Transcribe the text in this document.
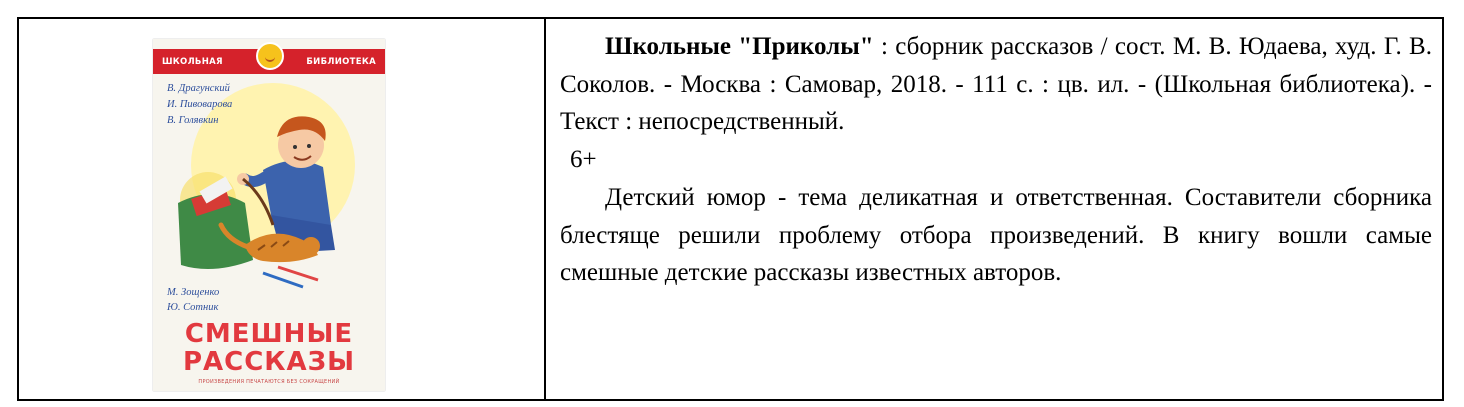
ШКОЛЬНАЯ	БИБЛИОТЕКА
В. Драгунский
И. Пивоварова
В. Голявкин
М. Зощенко
Ю. Сотник
СМЕШНЫЕ
РАССКАЗЫ
ПРОИЗВЕДЕНИЯ ПЕЧАТАЮТСЯ БЕЗ СОКРАЩЕНИЙ

Школьные "Приколы" : сборник рассказов / сост. М. В. Юдаева, худ. Г. В. Соколов. - Москва : Самовар, 2018. - 111 с. : цв. ил. - (Школьная библиотека). - Текст : непосредственный.

6+

Детский юмор - тема деликатная и ответственная. Составители сборника блестяще решили проблему отбора произведений. В книгу вошли самые смешные детские рассказы известных авторов.
